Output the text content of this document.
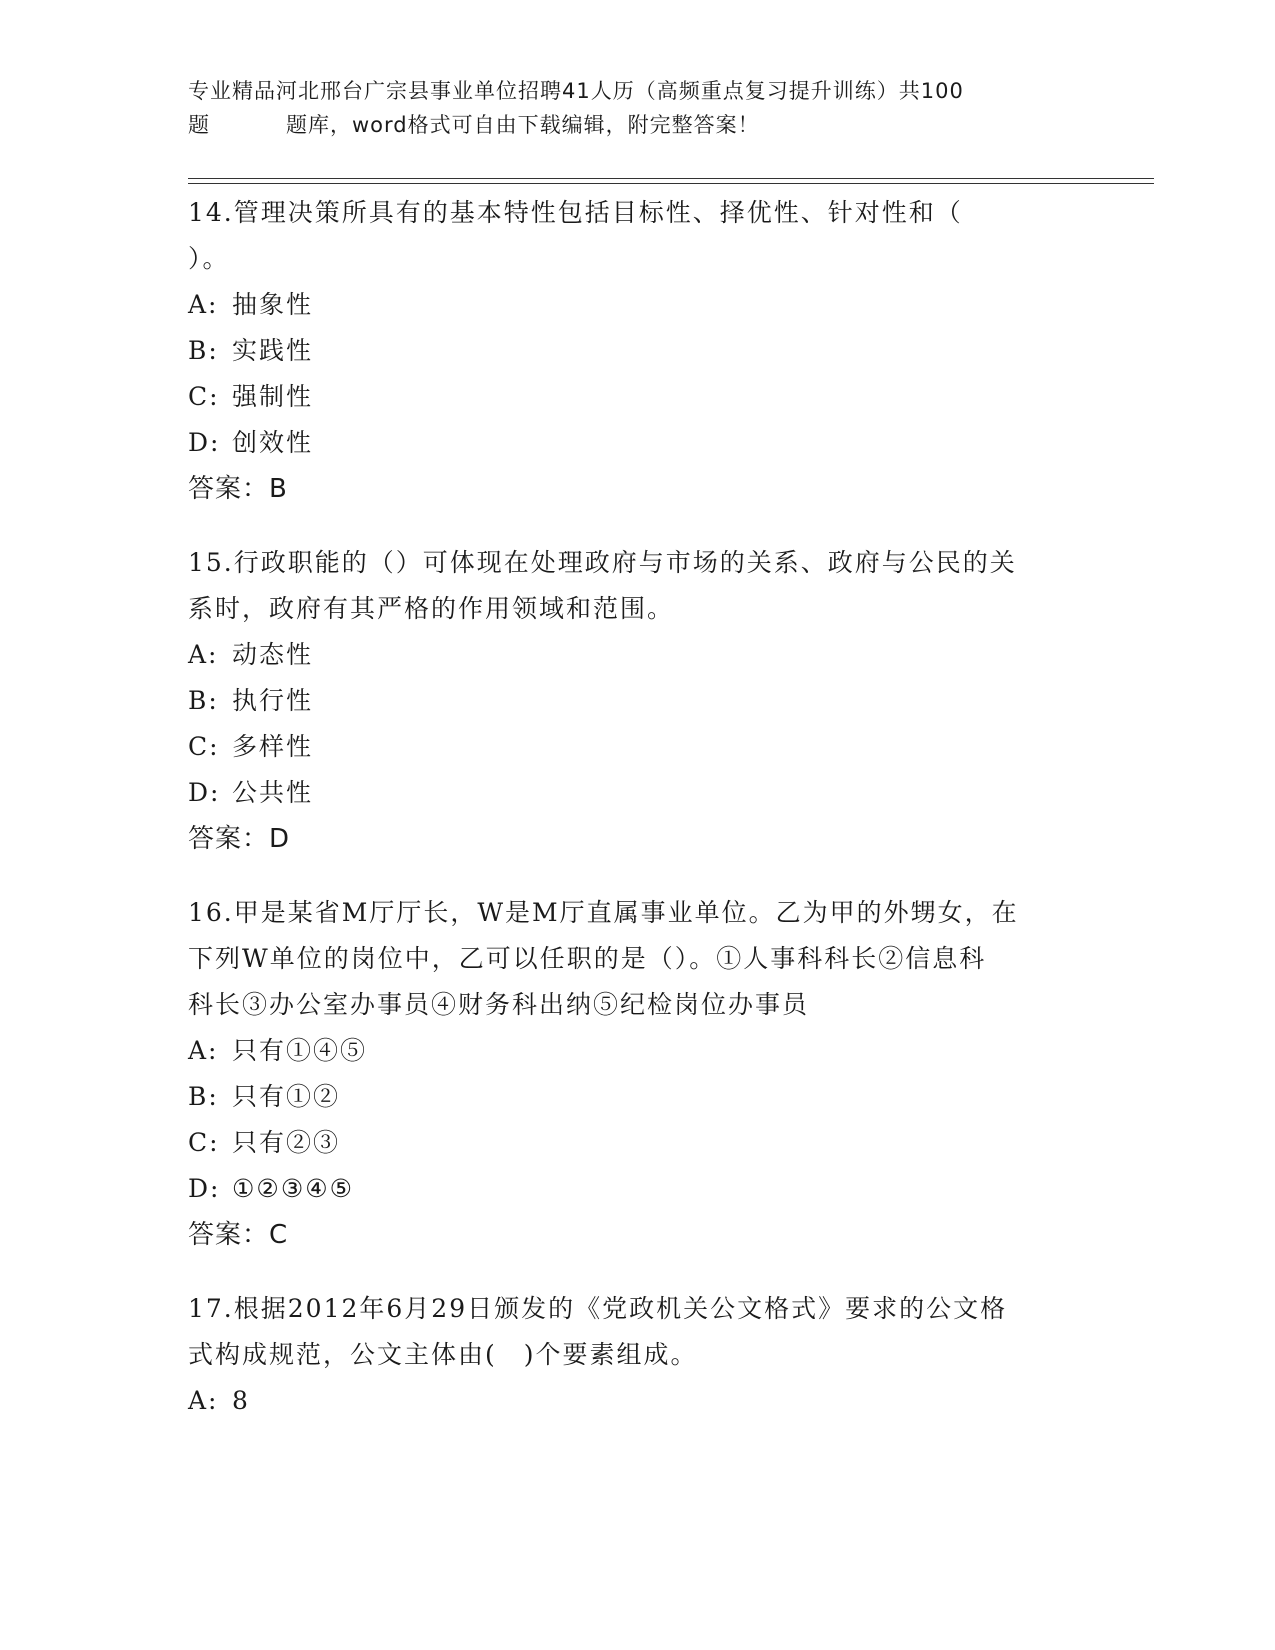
专业精品河北邢台广宗县事业单位招聘41人历（高频重点复习提升训练）共100
题	题库，word格式可自由下载编辑，附完整答案！

14.管理决策所具有的基本特性包括目标性、择优性、针对性和（
）。

A: 抽象性

B: 实践性

C: 强制性

D: 创效性

答案：B

15.行政职能的（）可体现在处理政府与市场的关系、政府与公民的关
系时，政府有其严格的作用领域和范围。

A: 动态性

B: 执行性

C: 多样性

D: 公共性

答案：D

16.甲是某省M厅厅长，W是M厅直属事业单位。乙为甲的外甥女，在
下列W单位的岗位中，乙可以任职的是（）。①人事科科长②信息科
科长③办公室办事员④财务科出纳⑤纪检岗位办事员

A: 只有①④⑤

B: 只有①②

C: 只有②③

D: ①②③④⑤

答案：C

17.根据2012年6月29日颁发的《党政机关公文格式》要求的公文格
式构成规范，公文主体由(　)个要素组成。

A: 8
